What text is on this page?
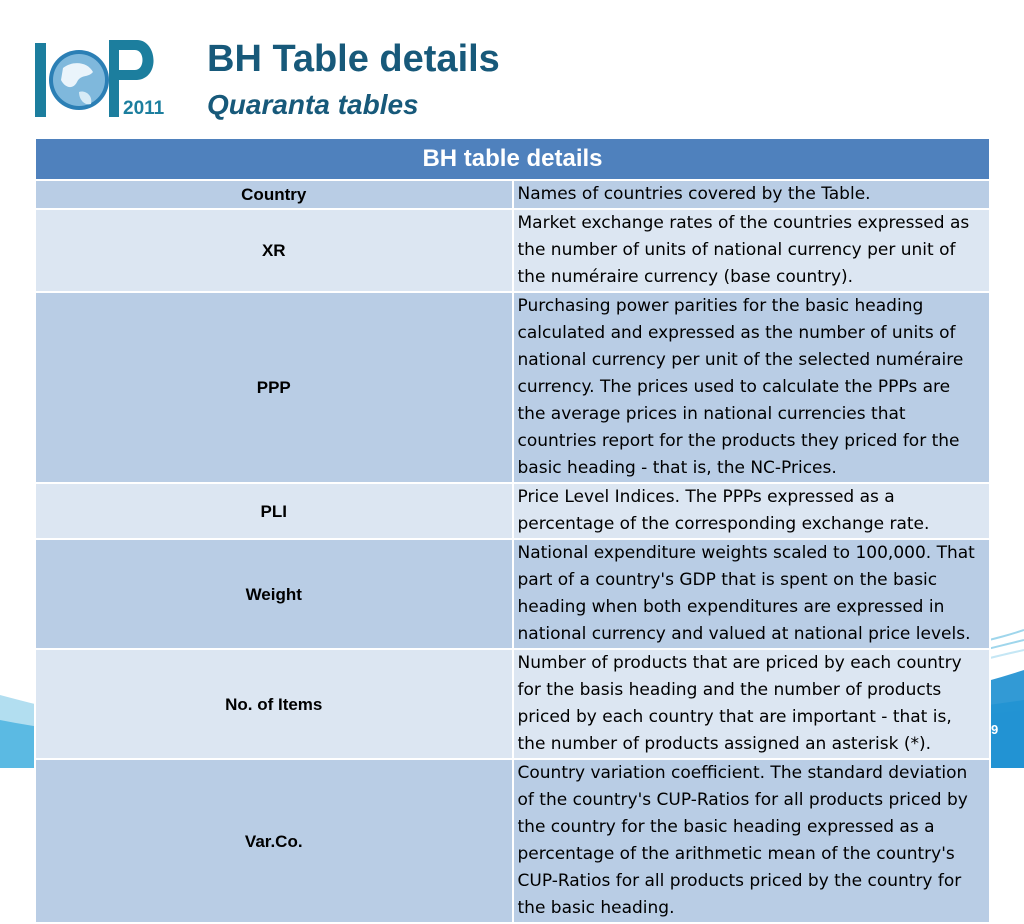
2011
BH Table details
Quaranta tables
BH table details	
Country	Names of countries covered by the Table.
XR	Market exchange rates of the countries expressed as the number of units of national currency per unit of the numéraire currency (base country).
PPP	Purchasing power parities for the basic heading calculated and expressed as the number of units of national currency per unit of the selected numéraire currency. The prices used to calculate the PPPs are the average prices in national currencies that countries report for the products they priced for the basic heading - that is, the NC-Prices.
PLI	Price Level Indices. The PPPs expressed as a percentage of the corresponding exchange rate.
Weight	National expenditure weights scaled to 100,000. That part of a country's GDP that is spent on the basic heading when both expenditures are expressed in national currency and valued at national price levels.
No. of Items	Number of products that are priced by each country for the basis heading and the number of products priced by each country that are important - that is, the number of products assigned an asterisk (*).
Var.Co.	Country variation coefficient. The standard deviation of the country's CUP-Ratios for all products priced by the country for the basic heading expressed as a percentage of the arithmetic mean of the country's CUP-Ratios for all products priced by the country for the basic heading.
9
